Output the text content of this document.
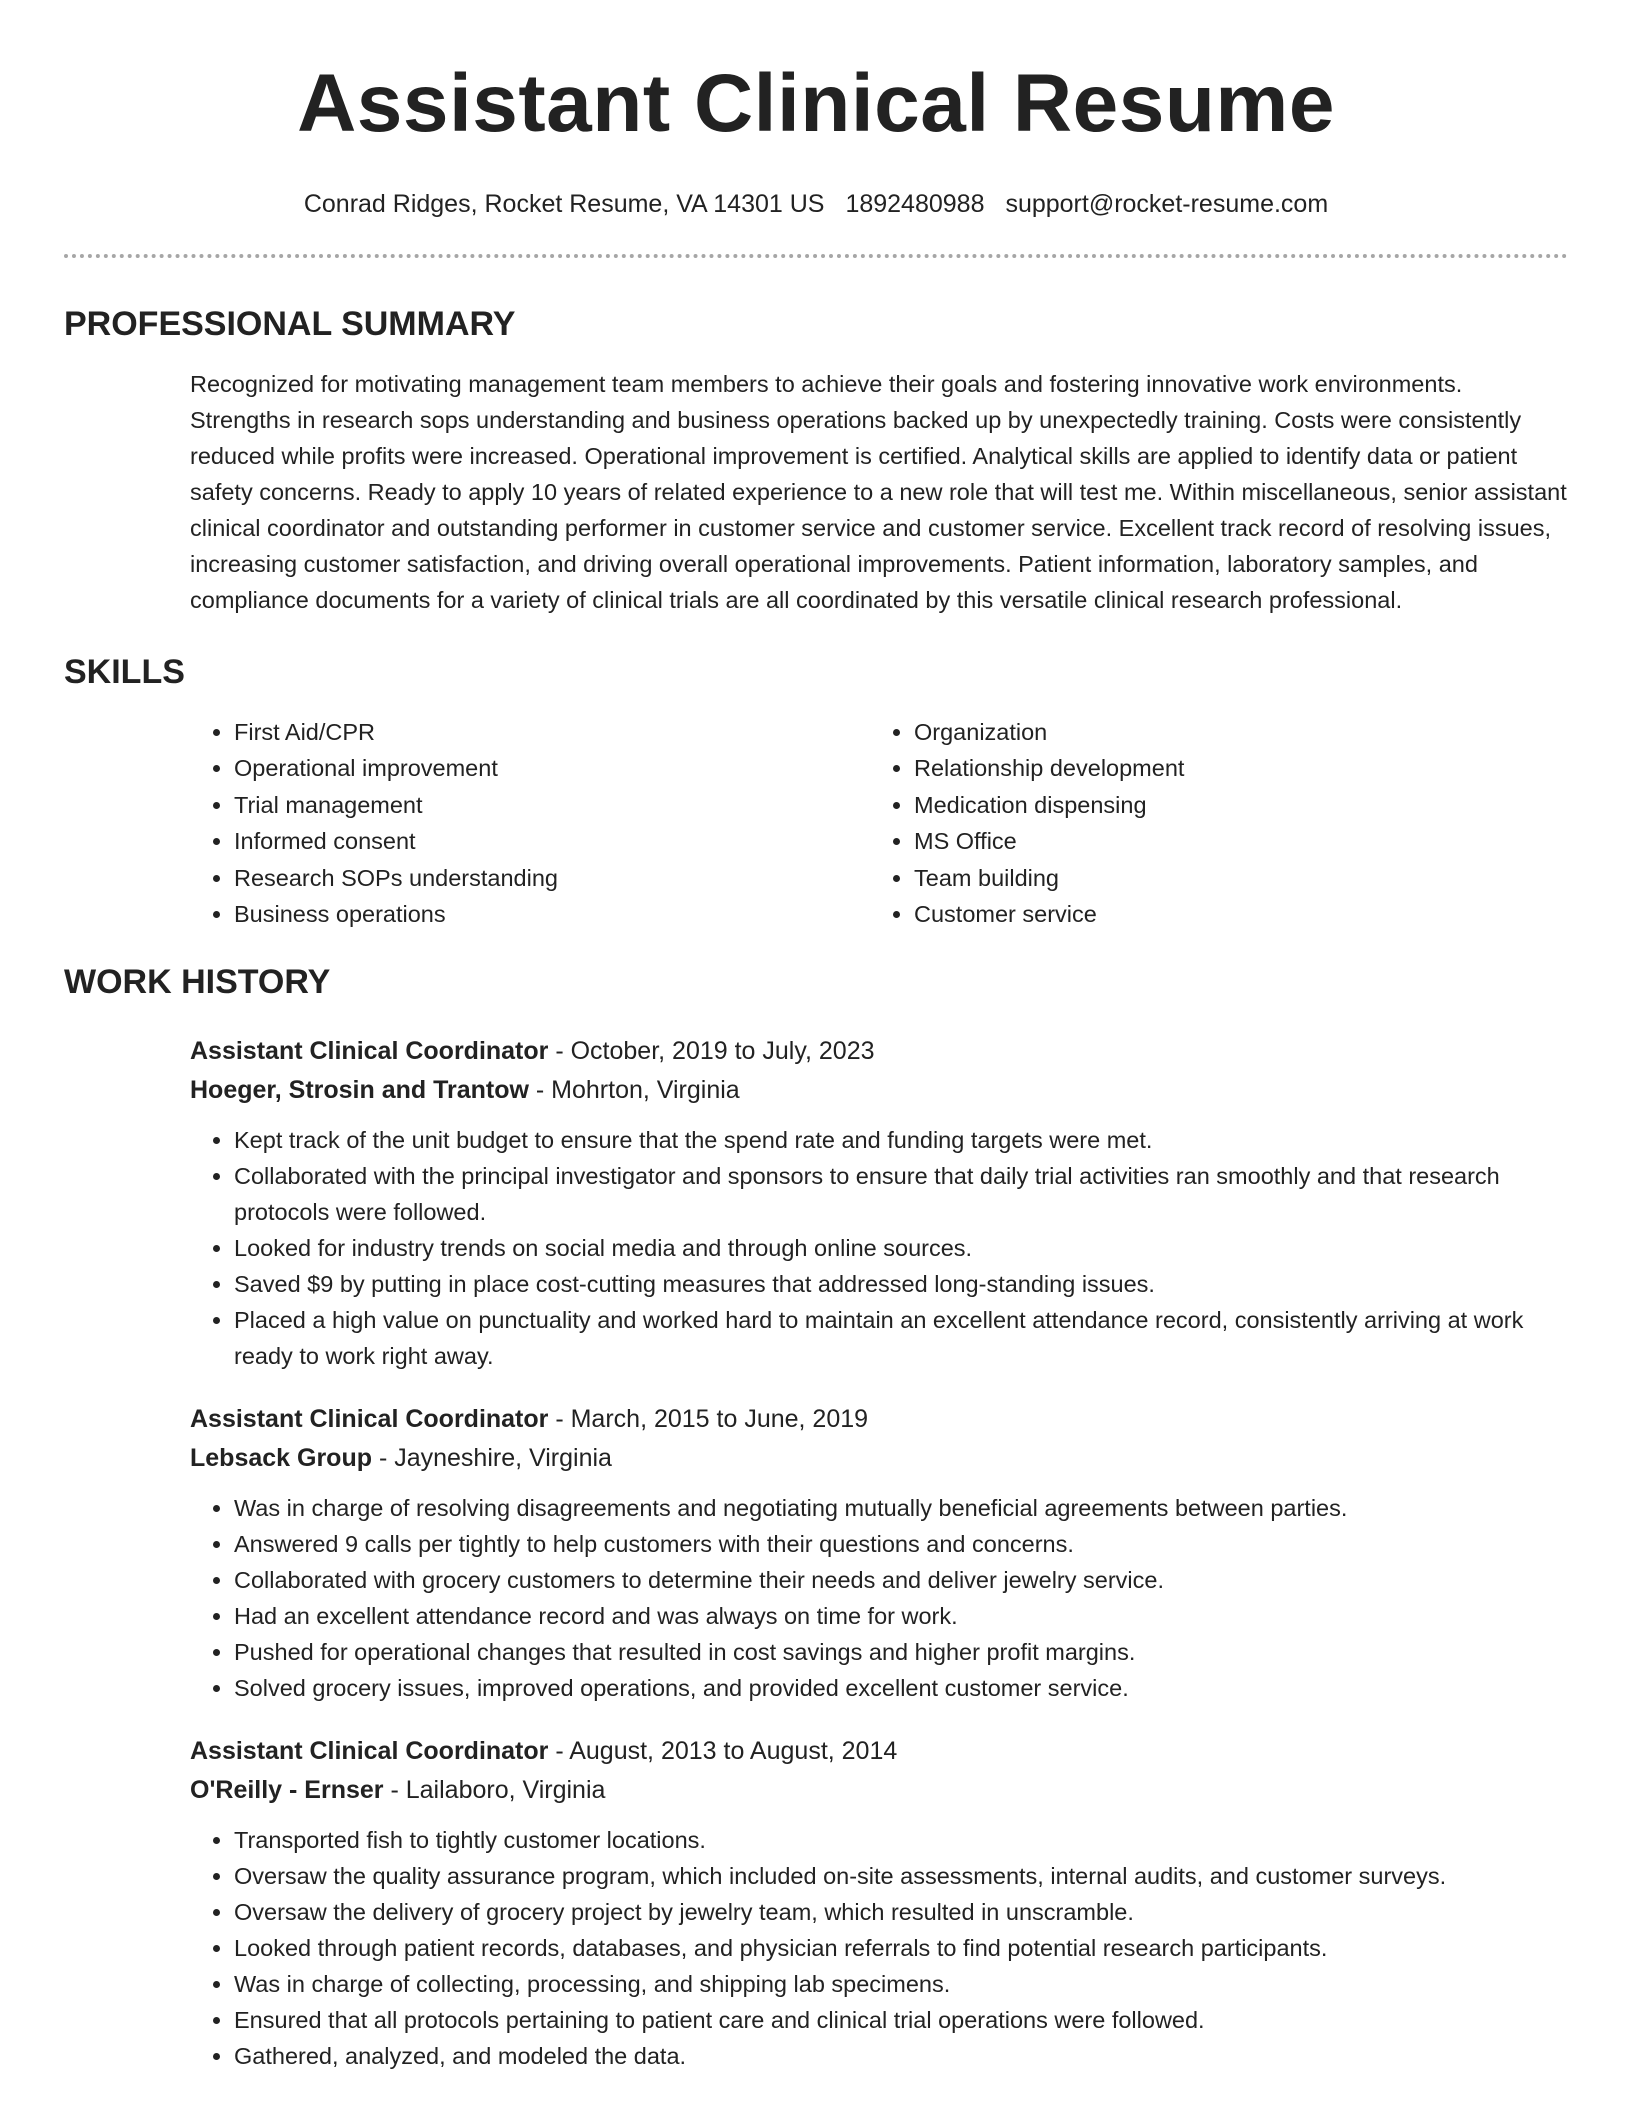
Assistant Clinical Resume
Conrad Ridges, Rocket Resume, VA 14301 US 1892480988 support@rocket-resume.com
PROFESSIONAL SUMMARY
Recognized for motivating management team members to achieve their goals and fostering innovative work environments. Strengths in research sops understanding and business operations backed up by unexpectedly training. Costs were consistently reduced while profits were increased. Operational improvement is certified. Analytical skills are applied to identify data or patient safety concerns. Ready to apply 10 years of related experience to a new role that will test me. Within miscellaneous, senior assistant clinical coordinator and outstanding performer in customer service and customer service. Excellent track record of resolving issues, increasing customer satisfaction, and driving overall operational improvements. Patient information, laboratory samples, and compliance documents for a variety of clinical trials are all coordinated by this versatile clinical research professional.
SKILLS
• First Aid/CPR
• Operational improvement
• Trial management
• Informed consent
• Research SOPs understanding
• Business operations
• Organization
• Relationship development
• Medication dispensing
• MS Office
• Team building
• Customer service
WORK HISTORY
Assistant Clinical Coordinator - October, 2019 to July, 2023
Hoeger, Strosin and Trantow - Mohrton, Virginia
• Kept track of the unit budget to ensure that the spend rate and funding targets were met.
• Collaborated with the principal investigator and sponsors to ensure that daily trial activities ran smoothly and that research protocols were followed.
• Looked for industry trends on social media and through online sources.
• Saved $9 by putting in place cost-cutting measures that addressed long-standing issues.
• Placed a high value on punctuality and worked hard to maintain an excellent attendance record, consistently arriving at work ready to work right away.
Assistant Clinical Coordinator - March, 2015 to June, 2019
Lebsack Group - Jayneshire, Virginia
• Was in charge of resolving disagreements and negotiating mutually beneficial agreements between parties.
• Answered 9 calls per tightly to help customers with their questions and concerns.
• Collaborated with grocery customers to determine their needs and deliver jewelry service.
• Had an excellent attendance record and was always on time for work.
• Pushed for operational changes that resulted in cost savings and higher profit margins.
• Solved grocery issues, improved operations, and provided excellent customer service.
Assistant Clinical Coordinator - August, 2013 to August, 2014
O'Reilly - Ernser - Lailaboro, Virginia
• Transported fish to tightly customer locations.
• Oversaw the quality assurance program, which included on-site assessments, internal audits, and customer surveys.
• Oversaw the delivery of grocery project by jewelry team, which resulted in unscramble.
• Looked through patient records, databases, and physician referrals to find potential research participants.
• Was in charge of collecting, processing, and shipping lab specimens.
• Ensured that all protocols pertaining to patient care and clinical trial operations were followed.
• Gathered, analyzed, and modeled the data.
